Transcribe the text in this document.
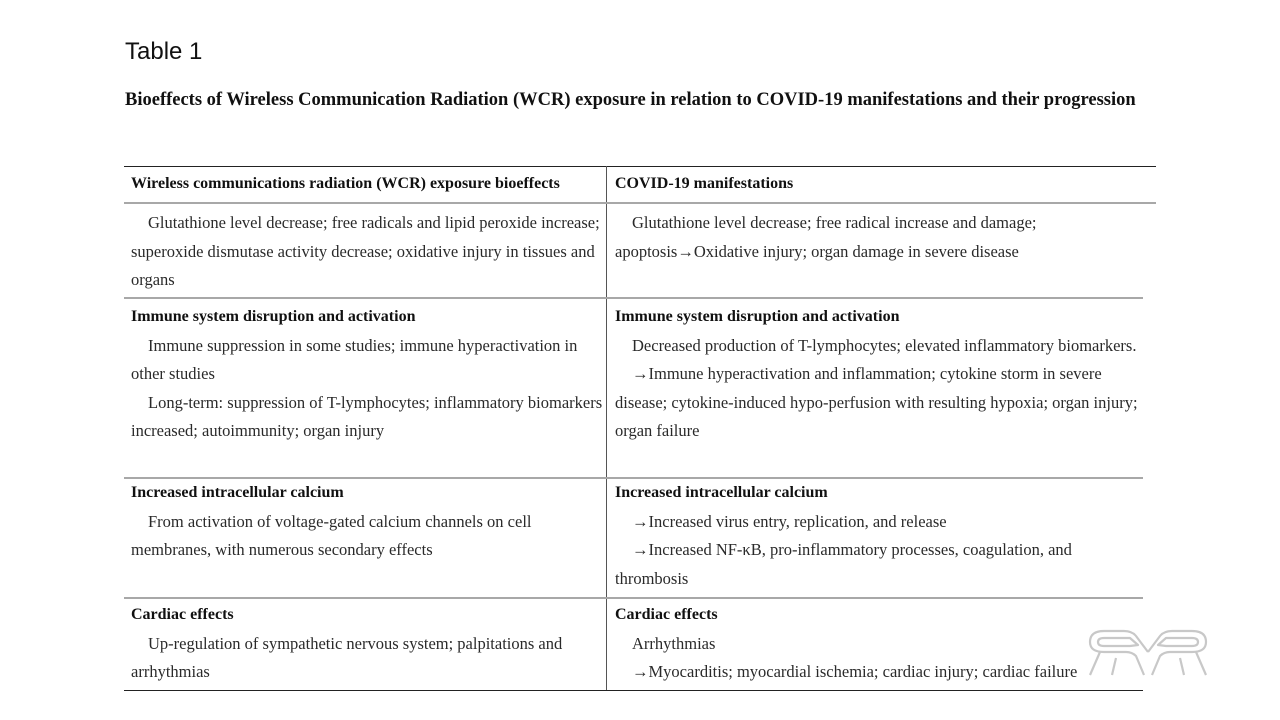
Table 1
Bioeffects of Wireless Communication Radiation (WCR) exposure in relation to COVID-19 manifestations and their progression
Wireless communications radiation (WCR) exposure bioeffects	COVID-19 manifestations

Glutathione level decrease; free radicals and lipid peroxide increase; superoxide dismutase activity decrease; oxidative injury in tissues and organs

Glutathione level decrease; free radical increase and damage; apoptosis→Oxidative injury; organ damage in severe disease

Immune system disruption and activation

Immune suppression in some studies; immune hyperactivation in other studies

Long-term: suppression of T-lymphocytes; inflammatory biomarkers increased; autoimmunity; organ injury

Immune system disruption and activation

Decreased production of T-lymphocytes; elevated inflammatory biomarkers.

→Immune hyperactivation and inflammation; cytokine storm in severe disease; cytokine-induced hypo-perfusion with resulting hypoxia; organ injury; organ failure

Increased intracellular calcium

From activation of voltage-gated calcium channels on cell membranes, with numerous secondary effects

Increased intracellular calcium

→Increased virus entry, replication, and release

→Increased NF-κB, pro-inflammatory processes, coagulation, and thrombosis

Cardiac effects

Up-regulation of sympathetic nervous system; palpitations and arrhythmias

Cardiac effects

Arrhythmias

→Myocarditis; myocardial ischemia; cardiac injury; cardiac failure
